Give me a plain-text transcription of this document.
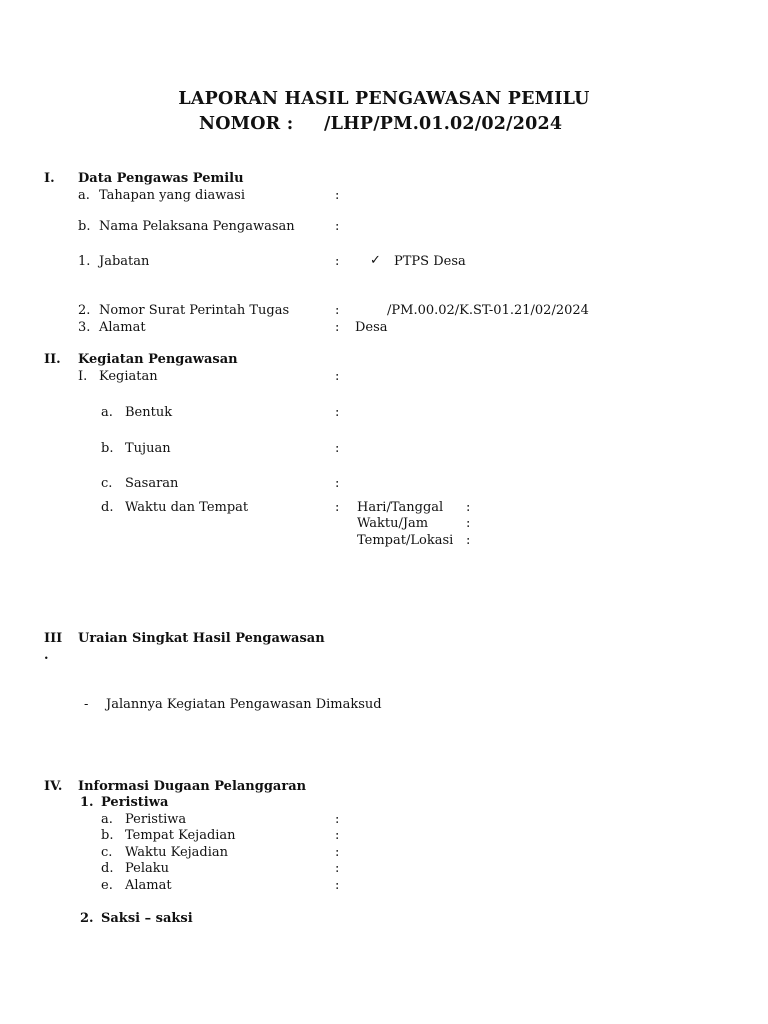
LAPORAN HASIL PENGAWASAN PEMILU
NOMOR : /LHP/PM.01.02/02/2024
I. Data Pengawas Pemilu
a. Tahapan yang diawasi	:
b. Nama Pelaksana Pengawasan	:
1. Jabatan	: ✓ PTPS Desa
2. Nomor Surat Perintah Tugas	:	/PM.00.02/K.ST-01.21/02/2024
3. Alamat	: Desa
II. Kegiatan Pengawasan
I. Kegiatan	:
a. Bentuk	:
b. Tujuan	:
c. Sasaran	:
d. Waktu dan Tempat	: Hari/Tanggal :
Waktu/Jam	:
Tempat/Lokasi :
III
.
Uraian Singkat Hasil Pengawasan
- Jalannya Kegiatan Pengawasan Dimaksud
IV. Informasi Dugaan Pelanggaran
1. Peristiwa
a. Peristiwa	:
b. Tempat Kejadian	:
c. Waktu Kejadian	:
d. Pelaku	:
e. Alamat	:
2. Saksi – saksi
